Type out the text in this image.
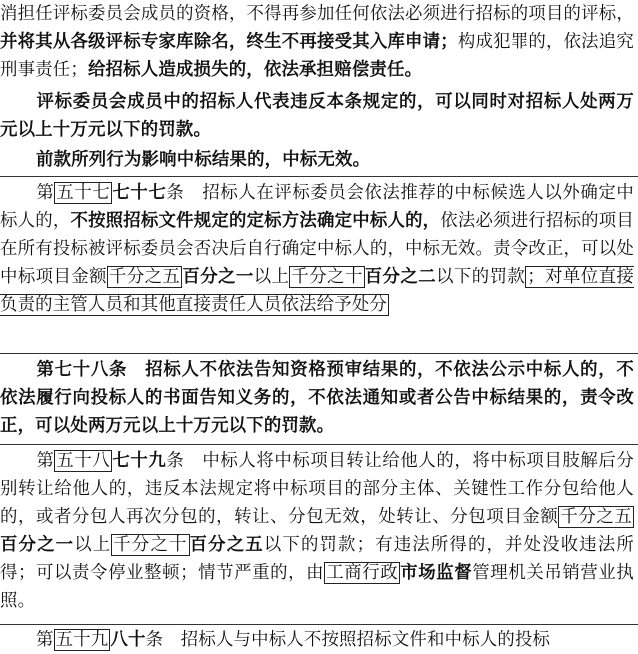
消担任评标委员会成员的资格，不得再参加任何依法必须进行招标的项目的评标，并将其从各级评标专家库除名，终生不再接受其入库申请；构成犯罪的，依法追究刑事责任；给招标人造成损失的，依法承担赔偿责任。
评标委员会成员中的招标人代表违反本条规定的，可以同时对招标人处两万元以上十万元以下的罚款。
前款所列行为影响中标结果的，中标无效。
第 五十七 七十七条　招标人在评标委员会依法推荐的中标候选人以外确定中标人的，不按照招标文件规定的定标方法确定中标人的，依法必须进行招标的项目在所有投标被评标委员会否决后自行确定中标人的，中标无效。责令改正，可以处中标项目金额 千分之五 百分之一以上 千分之十 百分之二以下的罚款 ；对单位直接负责的主管人员和其他直接责任人员依法给予处分
第七十八条　招标人不依法告知资格预审结果的，不依法公示中标人的，不依法履行向投标人的书面告知义务的，不依法通知或者公告中标结果的，责令改正，可以处两万元以上十万元以下的罚款。
第 五十八 七十九条　中标人将中标项目转让给他人的，将中标项目肢解后分别转让给他人的，违反本法规定将中标项目的部分主体、关键性工作分包给他人的，或者分包人再次分包的，转让、分包无效，处转让、分包项目金额 千分之五百分之一以上 千分之十 百分之五以下的罚款；有违法所得的，并处没收违法所得；可以责令停业整顿；情节严重的，由 工商行政 市场监督管理机关吊销营业执照。
第 五十九 八十条　招标人与中标人不按照招标文件和中标人的投标
